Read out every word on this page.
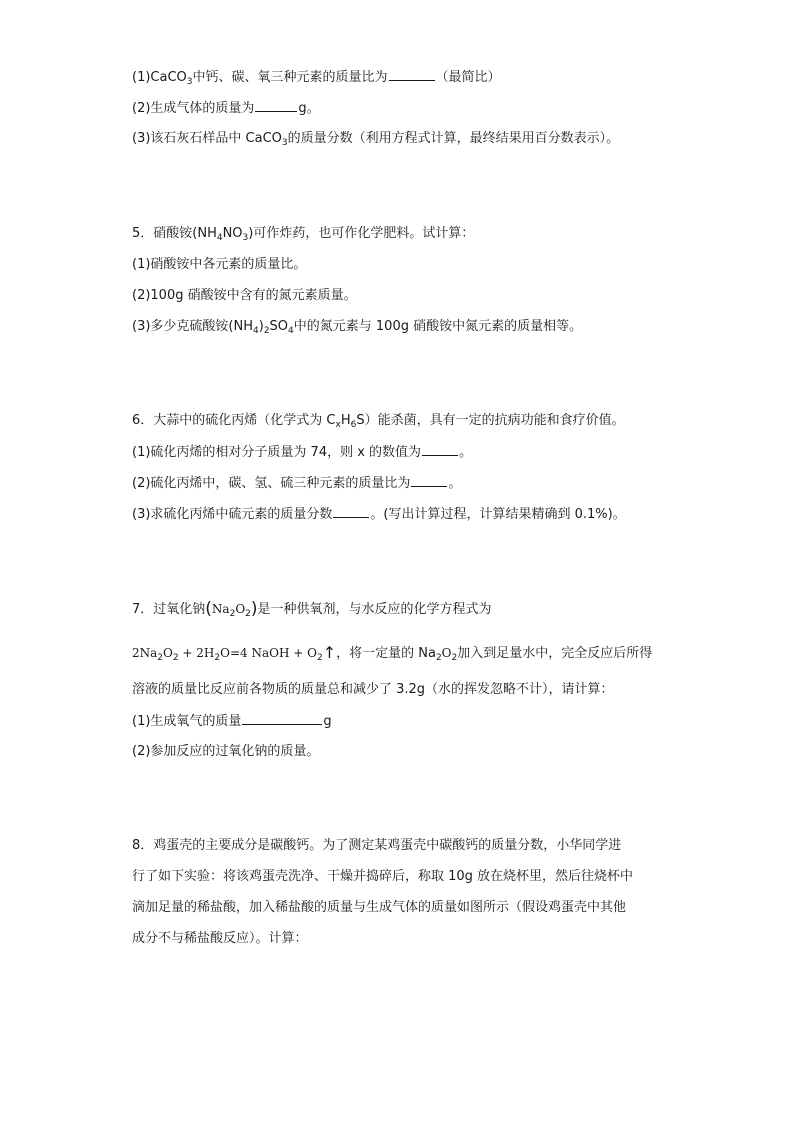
(1)CaCO$_3$中钙、碳、氧三种元素的质量比为	（最简比）
(2)生成气体的质量为	g。
(3)该石灰石样品中 CaCO$_3$的质量分数（利用方程式计算，最终结果用百分数表示）。
5．硝酸铵$(NH_4NO_3)$可作炸药，也可作化学肥料。试计算：
(1)硝酸铵中各元素的质量比。
(2)100g 硝酸铵中含有的氮元素质量。
(3)多少克硫酸铵$(NH_4)_2SO_4$中的氮元素与 100g 硝酸铵中氮元素的质量相等。
6．大蒜中的硫化丙烯（化学式为 $C_xH_6S$）能杀菌，具有一定的抗病功能和食疗价值。
(1)硫化丙烯的相对分子质量为 74，则 x 的数值为	。
(2)硫化丙烯中，碳、氢、硫三种元素的质量比为	。
(3)求硫化丙烯中硫元素的质量分数	。(写出计算过程，计算结果精确到 0.1%)。
7．过氧化钠$(Na_2O_2)$是一种供氧剂，与水反应的化学方程式为
$2Na_2O_2 + 2H_2O=4$ NaOH + $O_2↑$，将一定量的 $Na_2O_2$加入到足量水中，完全反应后所得
溶液的质量比反应前各物质的质量总和减少了 3.2g（水的挥发忽略不计），请计算：
(1)生成氧气的质量	g
(2)参加反应的过氧化钠的质量。
8．鸡蛋壳的主要成分是碳酸钙。为了测定某鸡蛋壳中碳酸钙的质量分数，小华同学进
行了如下实验：将该鸡蛋壳洗净、干燥并捣碎后，称取 10g 放在烧杯里，然后往烧杯中
滴加足量的稀盐酸，加入稀盐酸的质量与生成气体的质量如图所示（假设鸡蛋壳中其他
成分不与稀盐酸反应）。计算：
